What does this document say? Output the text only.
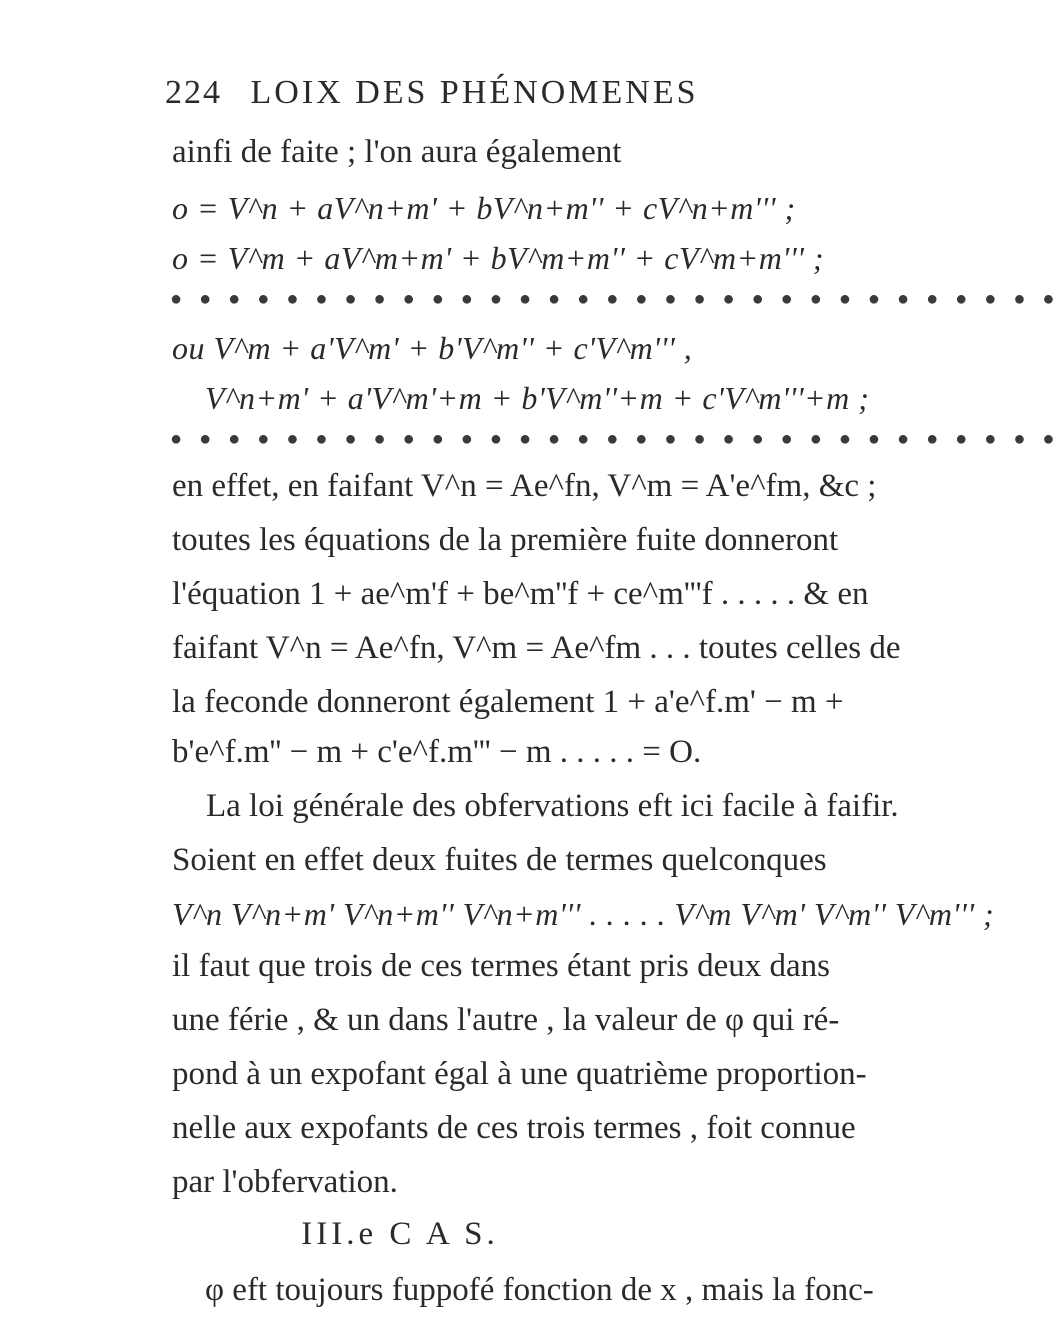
224 LOIX DES PHÉNOMENES
ainfi de faite ; l'on aura également
o = V^n + aV^n+m' + bV^n+m'' + cV^n+m''' ;
o = V^m + aV^m+m' + bV^m+m'' + cV^m+m''' ;
● ● ● ● ● ● ● ● ● ● ● ● ● ● ● ● ● ● ● ● ● ● ● ● ● ● ● ● ● ● ●
ou V^m + a'V^m' + b'V^m'' + c'V^m''' ,
V^n+m' + a'V^m'+m + b'V^m''+m + c'V^m'''+m ;
● ● ● ● ● ● ● ● ● ● ● ● ● ● ● ● ● ● ● ● ● ● ● ● ● ● ● ● ● ● ●
en effet, en faifant V^n = Ae^fn, V^m = A'e^fm, &c ;
toutes les équations de la première fuite donneront
l'équation 1 + ae^m'f + be^m''f + ce^m'''f . . . . . & en
faifant V^n = Ae^fn, V^m = Ae^fm . . . toutes celles de
la feconde donneront également 1 + a'e^f.m' − m +
b'e^f.m'' − m + c'e^f.m''' − m . . . . . = O.
La loi générale des obfervations eft ici facile à faifir.
Soient en effet deux fuites de termes quelconques
V^n V^n+m' V^n+m'' V^n+m''' . . . . . V^m V^m' V^m'' V^m''' ;
il faut que trois de ces termes étant pris deux dans
une férie , & un dans l'autre , la valeur de φ qui ré-
pond à un expofant égal à une quatrième proportion-
nelle aux expofants de ces trois termes , foit connue
par l'obfervation.
III.e C A S.
φ eft toujours fuppofé fonction de x , mais la fonc-
